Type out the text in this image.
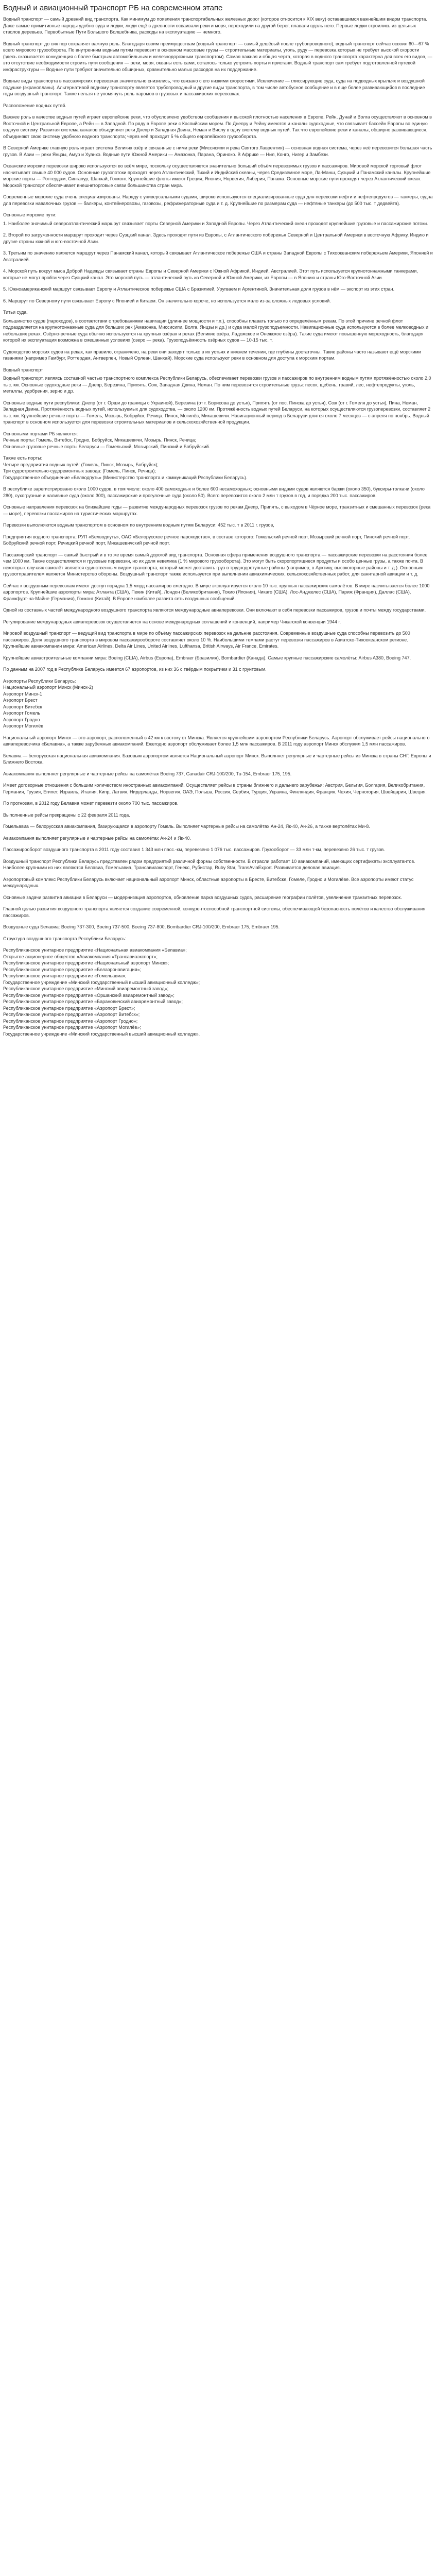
Водный и авиационный транспорт РБ на современном этапе

Водный транспорт — самый древний вид транспорта. Как минимум до появления транспортабельных железных дорог (которое относится к XIX веку) остававшимся важнейшим видом транспорта. Даже самые примитивные народы удобно суда и лодки, люди ещё в древности осваивали реки и моря, переходили на другой берег, плавали вдоль него. Первые лодки строились из цельных стволов деревьев. Первобытные Пути Большого Волшебника, расходы на эксплуатацию — немного.

Водный транспорт до сих пор сохраняет важную роль. Благодаря своим преимуществам (водный транспорт — самый дешёвый после трубопроводного), водный транспорт сейчас освоил 60—67 % всего мирового грузооборота. По внутренним водным путям перевозят в основном массовые грузы — строительные материалы, уголь, руду — перевозка которых не требует высокой скорости (здесь сказывается конкуренция с более быстрым автомобильным и железнодорожным транспортом). Самая важная и общая черта, которая в водного транспорта характерна для всех его видов, — это отсутствие необходимости строить пути сообщения — реки, моря, океаны есть сами, осталось только устроить порты и пристани. Водный транспорт сам требует подготовленной путевой инфраструктуры — Водные пути требуют значительно обширных, сравнительно малых расходов на их поддержание.

Водные виды транспорта в пассажирских перевозках значительно снизились, что связано с его низкими скоростями. Исключение — глиссирующие суда, суда на подводных крыльях и воздушной подушке (экранопланы). Альтернативой водному транспорту является трубопроводный и другие виды транспорта, в том числе автобусное сообщение и в еще более развивающийся в последние годы воздушный транспорт. Также нельзя не упомянуть роль паромов в грузовых и пассажирских перевозках.

Расположение водных путей.

Важнее роль в качестве водных путей играет европейские реки, что обусловлено удобством сообщения и высокой плотностью населения в Европе. Рейн, Дунай и Волга осуществляют в основном в Восточной и Центральной Европе, а Рейн — в Западной. По ряду в Европе реки с Каспийским морем. По Днепру и Рейну имеются и каналы судоходные, что связывает бассейн Европы во единую водную систему. Развитая система каналов объединяет реки Днепр и Западная Двина, Неман и Вислу в одну систему водных путей. Так что европейские реки и каналы, обширно развивающиеся, объединяют свою систему удобного водного транспорта; через неё проходит 5 % общего европейского грузооборота.

В Северной Америке главную роль играет система Великих озёр и связанные с ними реки (Миссисипи и река Святого Лаврентия) — основная водная система, через неё перевозится большая часть грузов. В Азии — реки Янцзы, Амур и Хуанхэ. Водные пути Южной Америки — Амазонка, Парана, Ориноко. В Африке — Нил, Конго, Нигер и Замбези.

Океанские морские перевозки широко используются во всём мире, поскольку осуществляются значительно больший объём перевозимых грузов и пассажиров. Мировой морской торговый флот насчитывает свыше 40 000 судов. Основные грузопотоки проходят через Атлантический, Тихий и Индийский океаны, через Средиземное море, Ла-Манш, Суэцкий и Панамский каналы. Крупнейшие морские порты — Роттердам, Сингапур, Шанхай, Гонконг. Крупнейшие флоты имеют Греция, Япония, Норвегия, Либерия, Панама. Основные морские пути проходят через Атлантический океан. Морской транспорт обеспечивает внешнеторговые связи большинства стран мира.

Современные морские суда очень специализированы. Наряду с универсальными судами, широко используются специализированные суда для перевозки нефти и нефтепродуктов — танкеры, судна для перевозки навалочных грузов — балкеры, контейнеровозы, газовозы, рефрижераторные суда и т. д. Крупнейшие по размерам суда — нефтяные танкеры (до 500 тыс. т дедвейта).

Основные морские пути:

1. Наиболее значимый североатлантический маршрут связывает порты Северной Америки и Западной Европы. Через Атлантический океан проходят крупнейшие грузовые и пассажирские потоки.

2. Второй по загруженности маршрут проходит через Суэцкий канал. Здесь проходят пути из Европы, с Атлантического побережья Северной и Центральной Америки в восточную Африку, Индию и другие страны южной и юго-восточной Азии.

3. Третьим по значению является маршрут через Панамский канал, который связывает Атлантическое побережье США и страны Западной Европы с Тихоокеанским побережьем Америки, Японией и Австралией.

4. Морской путь вокруг мыса Доброй Надежды связывает страны Европы и Северной Америки с Южной Африкой, Индией, Австралией. Этот путь используется крупнотоннажными танкерами, которые не могут пройти через Суэцкий канал. Это морской путь — атлантический путь из Северной и Южной Америки, из Европы — в Японию и страны Юго-Восточной Азии.

5. Южноамериканский маршрут связывает Европу и Атлантическое побережье США с Бразилией, Уругваем и Аргентиной. Значительная доля грузов в нём — экспорт из этих стран.

6. Маршрут по Северному пути связывает Европу с Японией и Китаем. Он значительно короче, но используется мало из-за сложных ледовых условий.

Титьи суда.

Большинство судов (пароходов), в соответствии с требованиями навигации (длиннее мощности и т.п.), способны плавать только по определённым рекам. По этой причине речной флот подразделяется на крупнотоннажные суда для больших рек (Амазонка, Миссисипи, Волга, Янцзы и др.) и суда малой грузоподъемности. Навигационные суда используются в более мелководных и небольших реках. Озёрно-речные суда обычно используются на крупных озёрах и реках (Великие озёра, Ладожское и Онежское озёра). Такие суда имеют повышенную мореходность, благодаря которой их эксплуатация возможна в смешанных условиях (озеро — река). Грузоподъёмность озёрных судов — 10-15 тыс. т.

Судоходство морских судов на реках, как правило, ограничено, на реки они заходят только в их устьях и нижнем течении, где глубины достаточны. Такие районы часто называют ещё морскими гаванями (например Гамбург, Роттердам, Антверпен, Новый Орлеан, Шанхай). Морские суда используют реки в основном для доступа к морским портам.

Водный транспорт

Водный транспорт, являясь составной частью транспортного комплекса Республики Беларусь, обеспечивает перевозки грузов и пассажиров по внутренним водным путям протяжённостью около 2,0 тыс. км. Основные судоходные реки — Днепр, Березина, Припять, Сож, Западная Двина, Неман. По ним перевозятся строительные грузы: песок, щебень, гравий, лес, нефтепродукты, уголь, металлы, удобрения, зерно и др.

Основные водные пути республики: Днепр (от г. Орши до границы с Украиной), Березина (от г. Борисова до устья), Припять (от пос. Пинска до устья), Сож (от г. Гомеля до устья), Пина, Неман, Западная Двина. Протяжённость водных путей, используемых для судоходства, — около 1200 км. Протяжённость водных путей Беларуси, на которых осуществляются грузоперевозки, составляет 2 тыс. км. Крупнейшие речные порты — Гомель, Мозырь, Бобруйск, Речица, Пинск, Могилёв, Микашевичи. Навигационный период в Беларуси длится около 7 месяцев — с апреля по ноябрь. Водный транспорт в основном используется для перевозки строительных материалов и сельскохозяйственной продукции.

Основными портами РБ являются:

Речные порты: Гомель, Витебск, Гродно, Бобруйск, Микашевичи, Мозырь, Пинск, Речица;

Основные грузовые речные порты Беларуси — Гомельский, Мозырский, Пинский и Бобруйский.

Также есть порты:

Четыре предприятия водных путей: (Гомель, Пинск, Мозырь, Бобруйск);

Три судостроительно-судоремонтных завода: (Гомель, Пинск, Речица);

Государственное объединение «Белводпуть» (Министерство транспорта и коммуникаций Республики Беларусь).

В республике зарегистрировано около 1000 судов, в том числе: около 400 самоходных и более 600 несамоходных; основными видами судов являются баржи (около 350), буксиры-толкачи (около 280), сухогрузные и наливные суда (около 300), пассажирские и прогулочные суда (около 50). Всего перевозится около 2 млн т грузов в год, и порядка 200 тыс. пассажиров.

Основные направления перевозок на ближайшие годы — развитие международных перевозок грузов по рекам Днепр, Припять, с выходом в Чёрное море, транзитных и смешанных перевозок (река — море), перевозки пассажиров на туристических маршрутах.

Перевозки выполняются водным транспортом в основном по внутренним водным путям Беларуси: 452 тыс. т в 2011 г. грузов,

Предприятия водного транспорта: РУП «Белводпуть», ОАО «Белорусское речное пароходство», в составе которого: Гомельский речной порт, Мозырский речной порт, Пинский речной порт, Бобруйский речной порт, Речицкий речной порт, Микашевичский речной порт.

Пассажирский транспорт — самый быстрый и в то же время самый дорогой вид транспорта. Основная сфера применения воздушного транспорта — пассажирские перевозки на расстояния более чем 1000 км. Также осуществляются и грузовые перевозки, но их доля невелика (1 % мирового грузооборота). Это могут быть скоропортящиеся продукты и особо ценные грузы, а также почта. В некоторых случаях самолёт является единственным видом транспорта, который может доставить груз в труднодоступные районы (например, в Арктику, высокогорные районы и т. д.). Основным грузоотправителем является Министерство обороны. Воздушный транспорт также используется при выполнении авиахимических, сельскохозяйственных работ, для санитарной авиации и т. д.

Сейчас к воздушным перевозкам имеют доступ порядка 1,5 млрд пассажиров ежегодно. В мире эксплуатируется около 10 тыс. крупных пассажирских самолётов. В мире насчитывается более 1000 аэропортов. Крупнейшие аэропорты мира: Атланта (США), Пекин (Китай), Лондон (Великобритания), Токио (Япония), Чикаго (США), Лос-Анджелес (США), Париж (Франция), Даллас (США), Франкфурт-на-Майне (Германия), Гонконг (Китай). В Европе наиболее развита сеть воздушных сообщений.

Одной из составных частей международного воздушного транспорта являются международные авиаперевозки. Они включают в себя перевозки пассажиров, грузов и почты между государствами.

Регулирование международных авиаперевозок осуществляется на основе международных соглашений и конвенций, например Чикагской конвенции 1944 г.

Мировой воздушный транспорт — ведущий вид транспорта в мире по объёму пассажирских перевозок на дальние расстояния. Современные воздушные суда способны перевозить до 500 пассажиров. Доля воздушного транспорта в мировом пассажирообороте составляет около 10 %. Наибольшими темпами растут перевозки пассажиров в Азиатско-Тихоокеанском регионе. Крупнейшие авиакомпании мира: American Airlines, Delta Air Lines, United Airlines, Lufthansa, British Airways, Air France, Emirates.

Крупнейшие авиастроительные компании мира: Boeing (США), Airbus (Европа), Embraer (Бразилия), Bombardier (Канада). Самые крупные пассажирские самолёты: Airbus A380, Boeing 747.

По данным на 2007 год в Республике Беларусь имеется 67 аэропортов, из них 36 с твёрдым покрытием и 31 с грунтовым.

Аэропорты Республики Беларусь:

Национальный аэропорт Минск (Минск-2)

Аэропорт Минск-1

Аэропорт Брест

Аэропорт Витебск

Аэропорт Гомель

Аэропорт Гродно

Аэропорт Могилёв

Национальный аэропорт Минск — это аэропорт, расположенный в 42 км к востоку от Минска. Является крупнейшим аэропортом Республики Беларусь. Аэропорт обслуживает рейсы национального авиаперевозчика «Белавиа», а также зарубежных авиакомпаний. Ежегодно аэропорт обслуживает более 1,5 млн пассажиров. В 2011 году аэропорт Минск обслужил 1,5 млн пассажиров.

Белавиа — белорусская национальная авиакомпания. Базовым аэропортом является Национальный аэропорт Минск. Выполняет регулярные и чартерные рейсы из Минска в страны СНГ, Европы и Ближнего Востока.

Авиакомпания выполняет регулярные и чартерные рейсы на самолётах Boeing 737, Canadair CRJ-100/200, Tu-154, Embraer 175, 195.

Имеет договорные отношения с большим количеством иностранных авиакомпаний. Осуществляет рейсы в страны ближнего и дальнего зарубежья: Австрия, Бельгия, Болгария, Великобритания, Германия, Грузия, Египет, Израиль, Италия, Кипр, Латвия, Нидерланды, Норвегия, ОАЭ, Польша, Россия, Сербия, Турция, Украина, Финляндия, Франция, Чехия, Черногория, Швейцария, Швеция.

По прогнозам, в 2012 году Белавиа может перевезти около 700 тыс. пассажиров.

Выполненные рейсы прекращены с 22 февраля 2011 года.

Гомельавиа — белорусская авиакомпания, базирующаяся в аэропорту Гомель. Выполняет чартерные рейсы на самолётах Ан-24, Як-40, Ан-26, а также вертолётах Ми-8.

Авиакомпания выполняет регулярные и чартерные рейсы на самолётах Ан-24 и Як-40.

Пассажирооборот воздушного транспорта в 2011 году составил 1 343 млн пасс.-км, перевезено 1 076 тыс. пассажиров. Грузооборот — 33 млн т-км, перевезено 26 тыс. т грузов.

Воздушный транспорт Республики Беларусь представлен рядом предприятий различной формы собственности. В отрасли работает 10 авиакомпаний, имеющих сертификаты эксплуатантов. Наиболее крупными из них являются Белавиа, Гомельавиа, Трансавиаэкспорт, Генекс, Рубистар, Ruby Star, TransAviaExport. Развивается деловая авиация.

Аэропортовый комплекс Республики Беларусь включает национальный аэропорт Минск, областные аэропорты в Бресте, Витебске, Гомеле, Гродно и Могилёве. Все аэропорты имеют статус международных.

Основные задачи развития авиации в Беларуси — модернизация аэропортов, обновление парка воздушных судов, расширение географии полётов, увеличение транзитных перевозок.

Главной целью развития воздушного транспорта является создание современной, конкурентоспособной транспортной системы, обеспечивающей безопасность полётов и качество обслуживания пассажиров.

Воздушные суда Белавиа: Boeing 737-300, Boeing 737-500, Boeing 737-800, Bombardier CRJ-100/200, Embraer 175, Embraer 195.

Структура воздушного транспорта Республики Беларусь:

Республиканское унитарное предприятие «Национальная авиакомпания «Белавиа»;

Открытое акционерное общество «Авиакомпания «Трансавиаэкспорт»;

Республиканское унитарное предприятие «Национальный аэропорт Минск»;

Республиканское унитарное предприятие «Белаэронавигация»;

Республиканское унитарное предприятие «Гомельавиа»;

Государственное учреждение «Минский государственный высший авиационный колледж»;

Республиканское унитарное предприятие «Минский авиаремонтный завод»;

Республиканское унитарное предприятие «Оршанский авиаремонтный завод»;

Республиканское унитарное предприятие «Барановичский авиаремонтный завод»;

Республиканское унитарное предприятие «Аэропорт Брест»;

Республиканское унитарное предприятие «Аэропорт Витебск»;

Республиканское унитарное предприятие «Аэропорт Гродно»;

Республиканское унитарное предприятие «Аэропорт Могилёв»;

Государственное учреждение «Минский государственный высший авиационный колледж».
